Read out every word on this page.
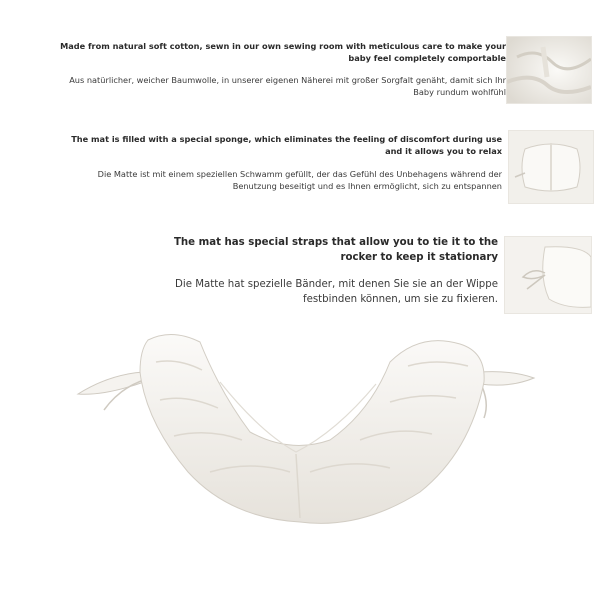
Made from natural soft cotton, sewn in our own sewing room with meticulous care to make your baby feel completely comportable
Aus natürlicher, weicher Baumwolle, in unserer eigenen Näherei mit großer Sorgfalt genäht, damit sich Ihr Baby rundum wohlfühl
The mat is filled with a special sponge, which eliminates the feeling of discomfort during use and it allows you to relax
Die Matte ist mit einem speziellen Schwamm gefüllt, der das Gefühl des Unbehagens während der Benutzung beseitigt und es Ihnen ermöglicht, sich zu entspannen
The mat has special straps that allow you to tie it to the rocker to keep it stationary
Die Matte hat spezielle Bänder, mit denen Sie sie an der Wippe festbinden können, um sie zu fixieren.
